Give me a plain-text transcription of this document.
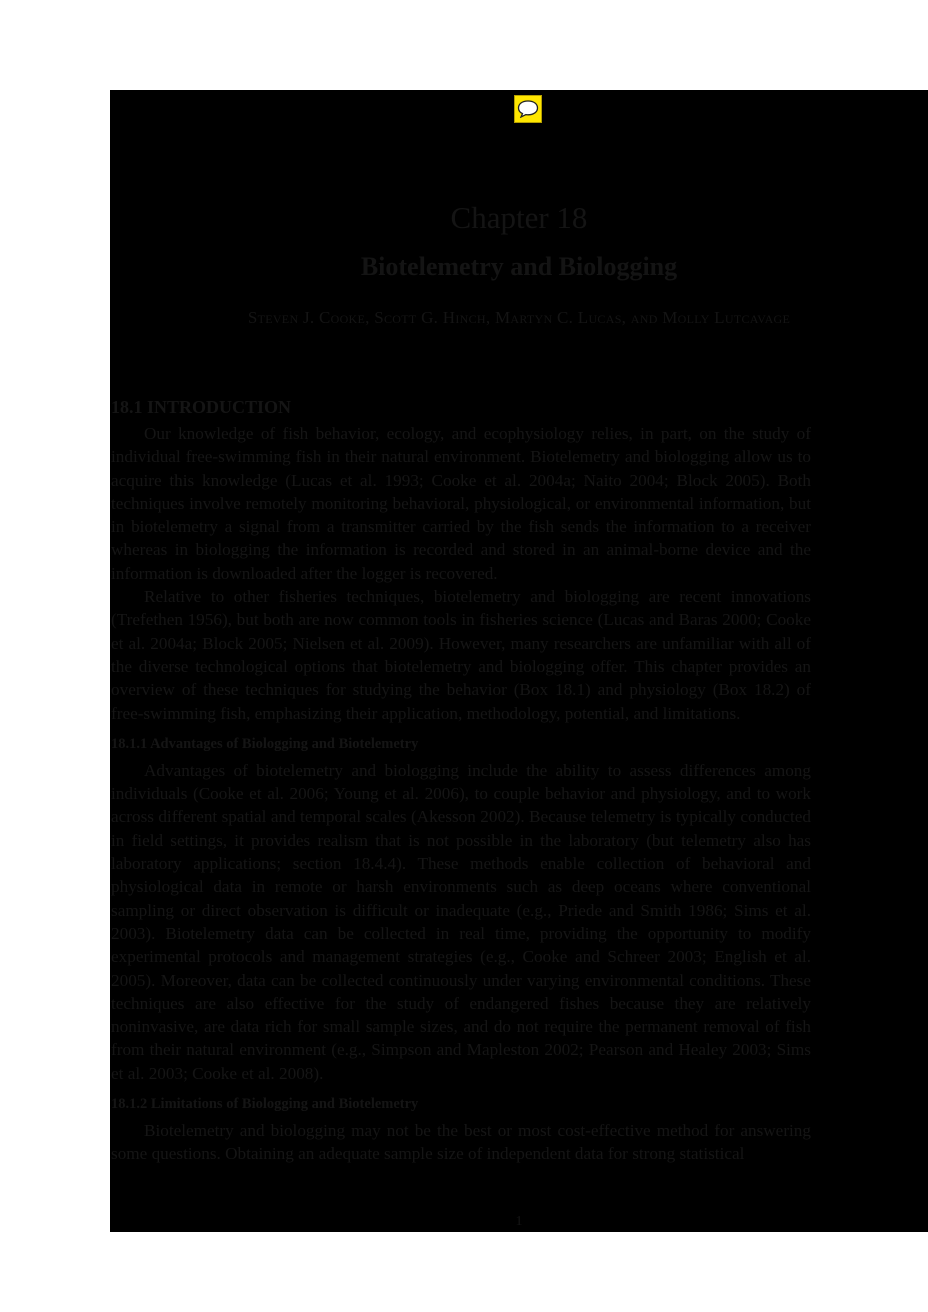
Chapter 18
Biotelemetry and Biologging
Steven J. Cooke, Scott G. Hinch, Martyn C. Lucas, and Molly Lutcavage
18.1 INTRODUCTION

Our knowledge of fish behavior, ecology, and ecophysiology relies, in part, on the study of individual free-swimming fish in their natural environment. Biotelemetry and biologging allow us to acquire this knowledge (Lucas et al. 1993; Cooke et al. 2004a; Naito 2004; Block 2005). Both techniques involve remotely monitoring behavioral, physiological, or environmental information, but in biotelemetry a signal from a transmitter carried by the fish sends the information to a receiver whereas in biologging the information is recorded and stored in an animal-borne device and the information is downloaded after the logger is recovered.

Relative to other fisheries techniques, biotelemetry and biologging are recent innovations (Trefethen 1956), but both are now common tools in fisheries science (Lucas and Baras 2000; Cooke et al. 2004a; Block 2005; Nielsen et al. 2009). However, many researchers are unfamiliar with all of the diverse technological options that biotelemetry and biologging offer. This chapter provides an overview of these techniques for studying the behavior (Box 18.1) and physiology (Box 18.2) of free-swimming fish, emphasizing their application, methodology, potential, and limitations.

18.1.1 Advantages of Biologging and Biotelemetry

Advantages of biotelemetry and biologging include the ability to assess differences among individuals (Cooke et al. 2006; Young et al. 2006), to couple behavior and physiology, and to work across different spatial and temporal scales (Akesson 2002). Because telemetry is typically conducted in field settings, it provides realism that is not possible in the laboratory (but telemetry also has laboratory applications; section 18.4.4). These methods enable collection of behavioral and physiological data in remote or harsh environments such as deep oceans where conventional sampling or direct observation is difficult or inadequate (e.g., Priede and Smith 1986; Sims et al. 2003). Biotelemetry data can be collected in real time, providing the opportunity to modify experimental protocols and management strategies (e.g., Cooke and Schreer 2003; English et al. 2005). Moreover, data can be collected continuously under varying environmental conditions. These techniques are also effective for the study of endangered fishes because they are relatively noninvasive, are data rich for small sample sizes, and do not require the permanent removal of fish from their natural environment (e.g., Simpson and Mapleston 2002; Pearson and Healey 2003; Sims et al. 2003; Cooke et al. 2008).

18.1.2 Limitations of Biologging and Biotelemetry

Biotelemetry and biologging may not be the best or most cost-effective method for answering some questions. Obtaining an adequate sample size of independent data for strong statistical

1
